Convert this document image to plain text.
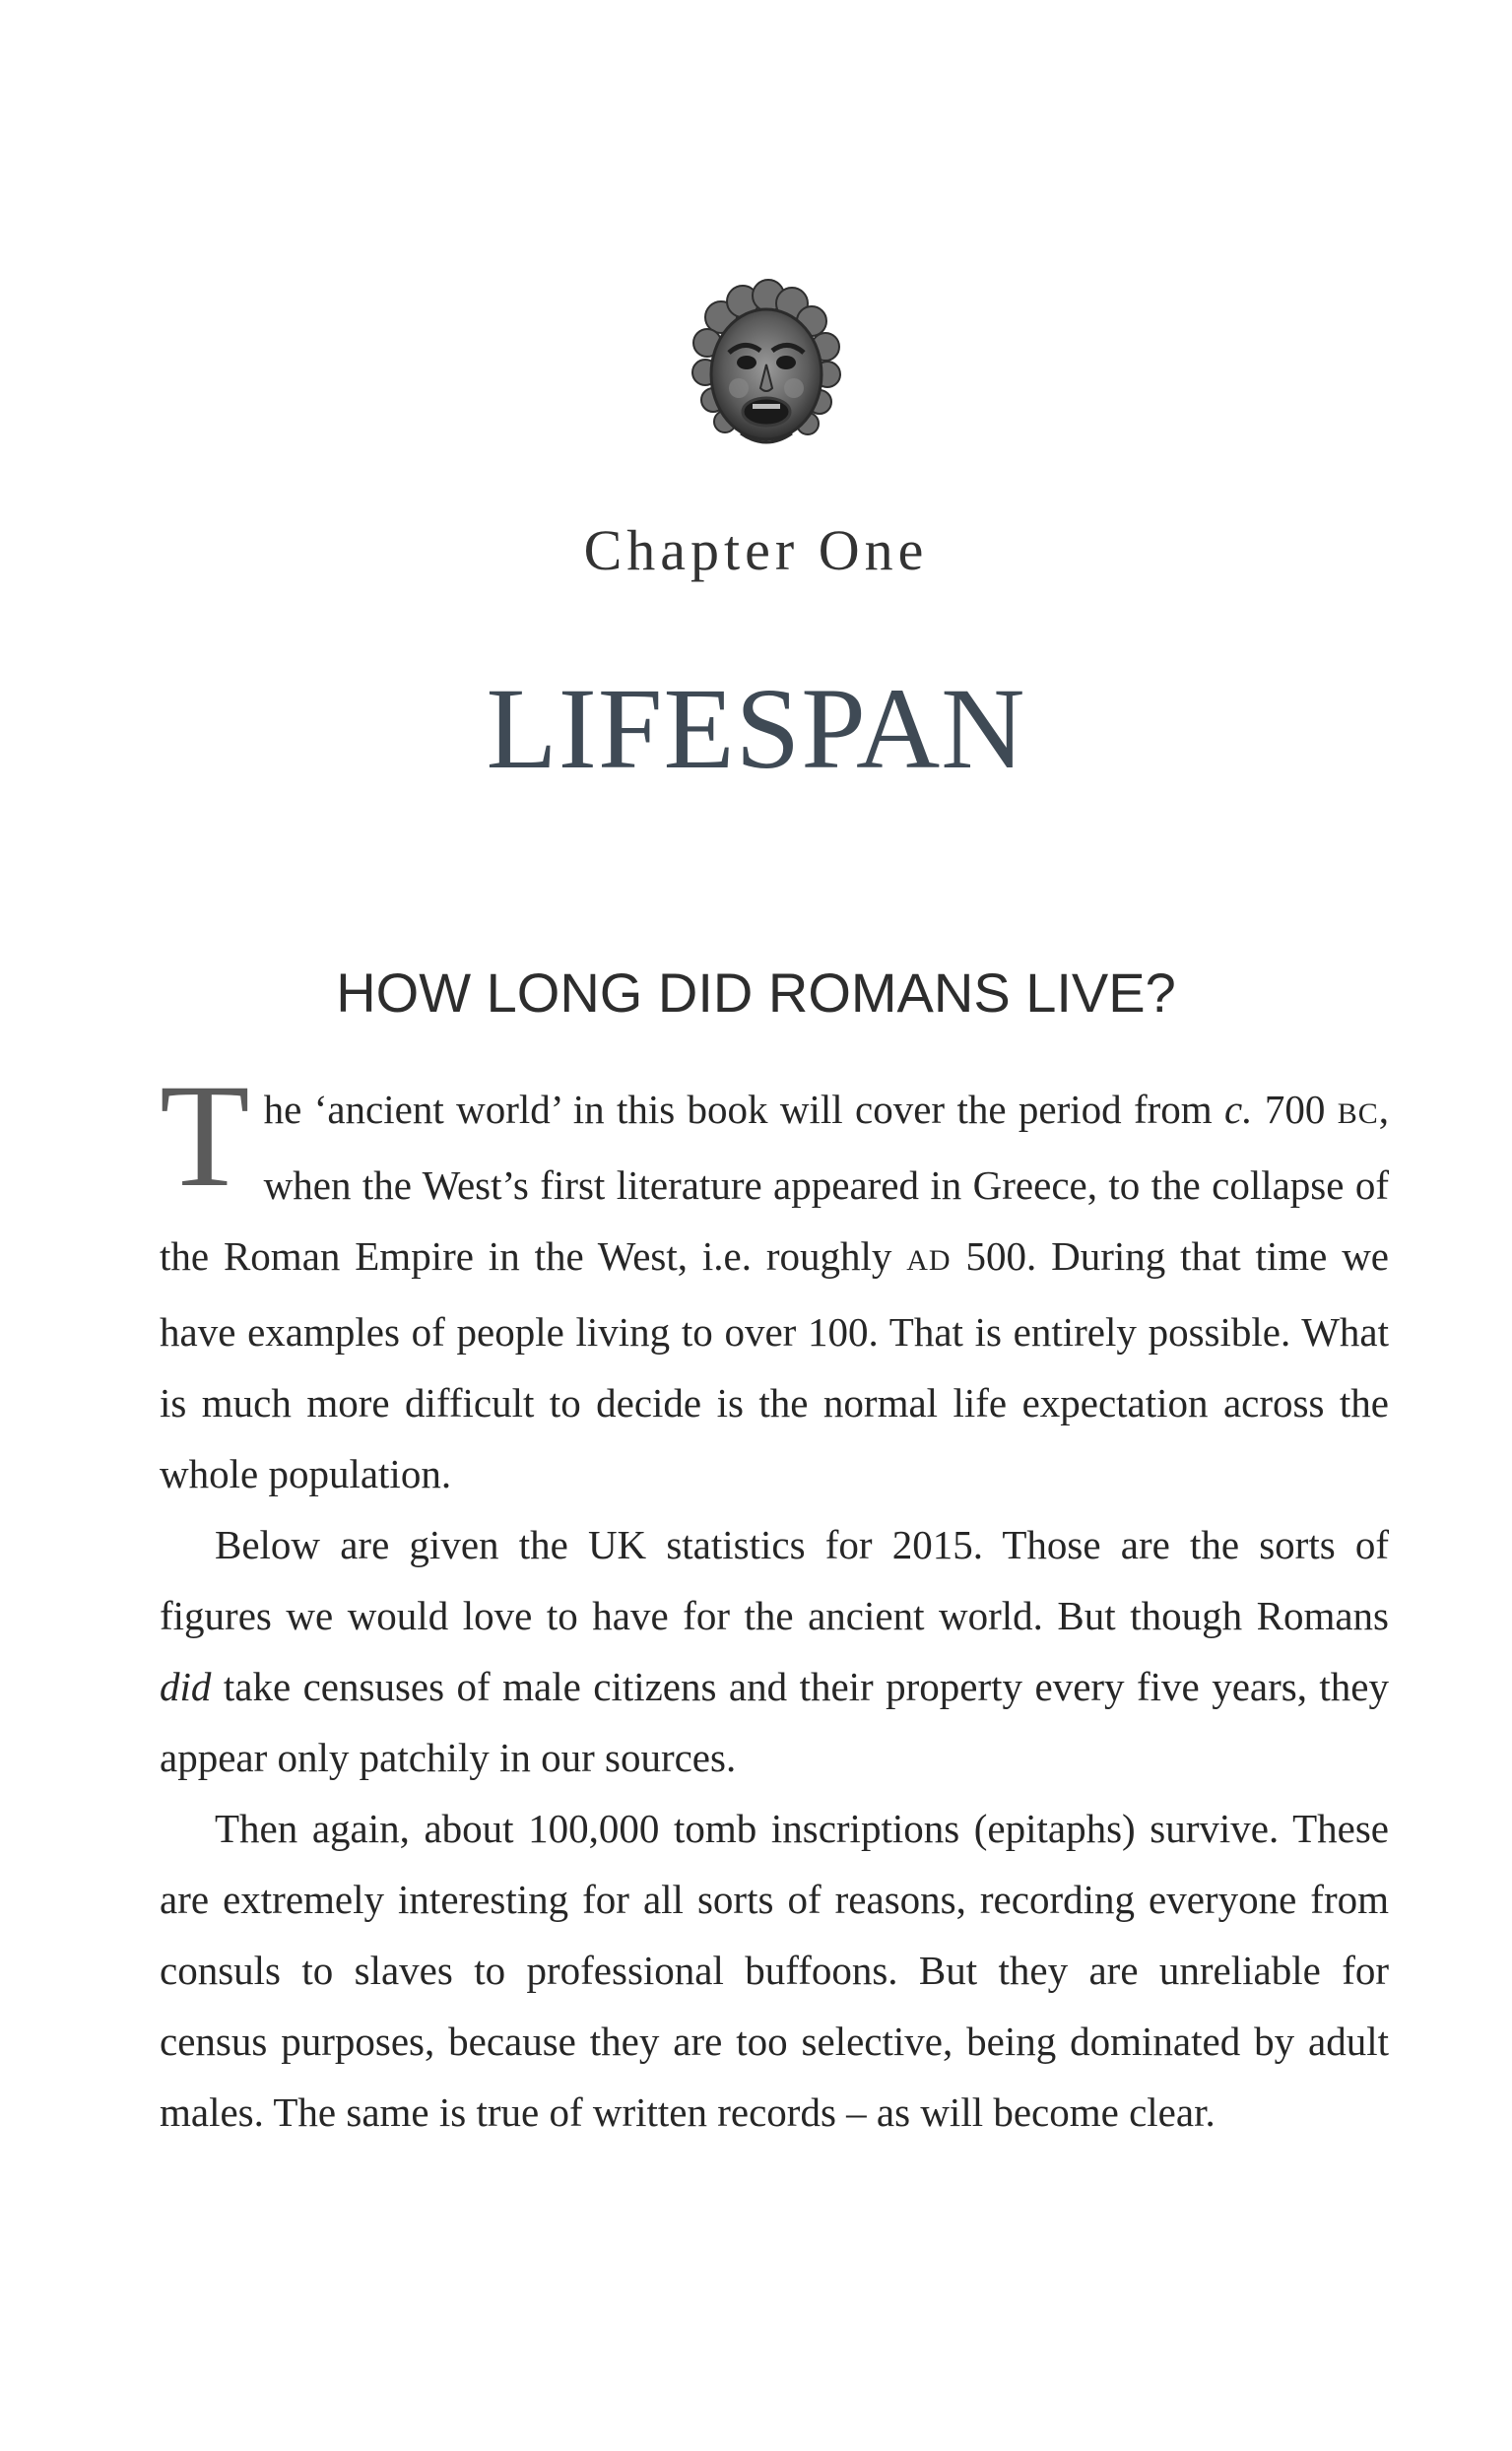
Chapter One
LIFESPAN
HOW LONG DID ROMANS LIVE?

The ‘ancient world’ in this book will cover the period from c. 700 BC, when the West’s first literature appeared in Greece, to the collapse of the Roman Empire in the West, i.e. roughly AD 500. During that time we have examples of people living to over 100. That is entirely possible. What is much more difficult to decide is the normal life expectation across the whole population.

Below are given the UK statistics for 2015. Those are the sorts of figures we would love to have for the ancient world. But though Romans did take censuses of male citizens and their property every five years, they appear only patchily in our sources.

Then again, about 100,000 tomb inscriptions (epitaphs) survive. These are extremely interesting for all sorts of reasons, recording everyone from consuls to slaves to professional buffoons. But they are unreliable for census purposes, because they are too selective, being dominated by adult males. The same is true of written records – as will become clear.
